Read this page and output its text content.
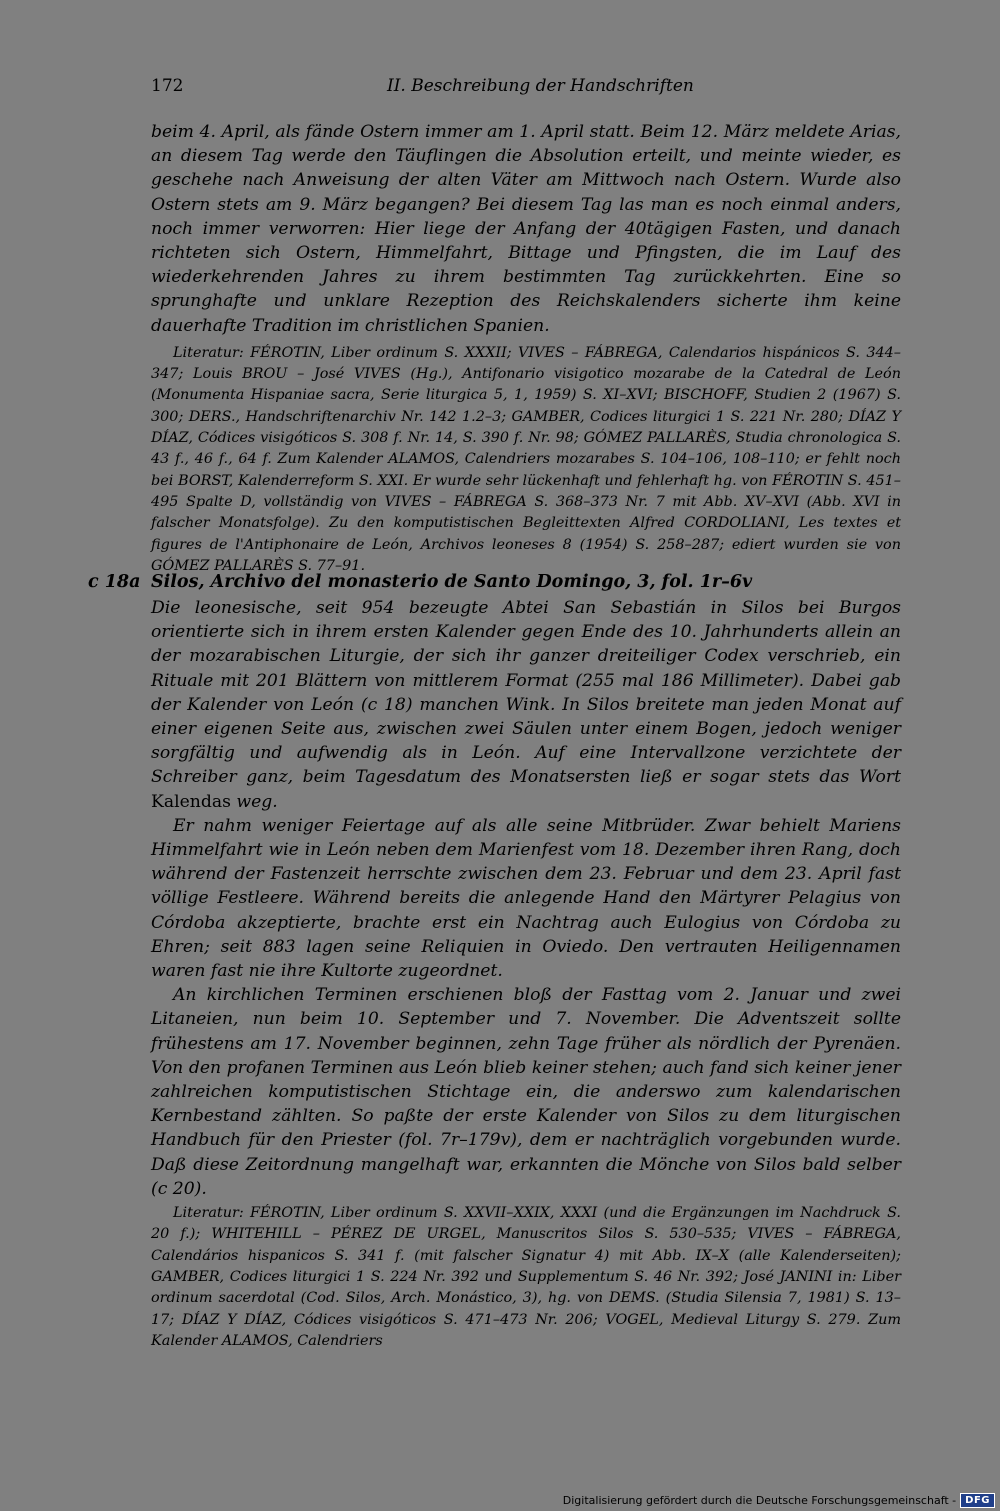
172	II. Beschreibung der Handschriften

beim 4. April, als fände Ostern immer am 1. April statt. Beim 12. März meldete Arias, an diesem Tag werde den Täuflingen die Absolution erteilt, und meinte wieder, es geschehe nach Anweisung der alten Väter am Mittwoch nach Ostern. Wurde also Ostern stets am 9. März begangen? Bei diesem Tag las man es noch einmal anders, noch immer verworren: Hier liege der Anfang der 40tägigen Fasten, und danach richteten sich Ostern, Himmelfahrt, Bittage und Pfingsten, die im Lauf des wiederkehrenden Jahres zu ihrem bestimmten Tag zurückkehrten. Eine so sprunghafte und unklare Rezeption des Reichskalenders sicherte ihm keine dauerhafte Tradition im christlichen Spanien.

Literatur: FÉROTIN, Liber ordinum S. XXXII; VIVES – FÁBREGA, Calendarios hispánicos S. 344–347; Louis BROU – José VIVES (Hg.), Antifonario visigotico mozarabe de la Catedral de León (Monumenta Hispaniae sacra, Serie liturgica 5, 1, 1959) S. XI–XVI; BISCHOFF, Studien 2 (1967) S. 300; DERS., Handschriftenarchiv Nr. 142 1.2–3; GAMBER, Codices liturgici 1 S. 221 Nr. 280; DÍAZ Y DÍAZ, Códices visigóticos S. 308 f. Nr. 14, S. 390 f. Nr. 98; GÓMEZ PALLARÈS, Studia chronologica S. 43 f., 46 f., 64 f. Zum Kalender ALAMOS, Calendriers mozarabes S. 104–106, 108–110; er fehlt noch bei BORST, Kalenderreform S. XXI. Er wurde sehr lückenhaft und fehlerhaft hg. von FÉROTIN S. 451–495 Spalte D, vollständig von VIVES – FÁBREGA S. 368–373 Nr. 7 mit Abb. XV–XVI (Abb. XVI in falscher Monatsfolge). Zu den komputistischen Begleittexten Alfred CORDOLIANI, Les textes et figures de l'Antiphonaire de León, Archivos leoneses 8 (1954) S. 258–287; ediert wurden sie von GÓMEZ PALLARÈS S. 77–91.

c 18a Silos, Archivo del monasterio de Santo Domingo, 3, fol. 1r–6v

Die leonesische, seit 954 bezeugte Abtei San Sebastián in Silos bei Burgos orientierte sich in ihrem ersten Kalender gegen Ende des 10. Jahrhunderts allein an der mozarabischen Liturgie, der sich ihr ganzer dreiteiliger Codex verschrieb, ein Rituale mit 201 Blättern von mittlerem Format (255 mal 186 Millimeter). Dabei gab der Kalender von León (c 18) manchen Wink. In Silos breitete man jeden Monat auf einer eigenen Seite aus, zwischen zwei Säulen unter einem Bogen, jedoch weniger sorgfältig und aufwendig als in León. Auf eine Intervallzone verzichtete der Schreiber ganz, beim Tagesdatum des Monatsersten ließ er sogar stets das Wort Kalendas weg.

Er nahm weniger Feiertage auf als alle seine Mitbrüder. Zwar behielt Mariens Himmelfahrt wie in León neben dem Marienfest vom 18. Dezember ihren Rang, doch während der Fastenzeit herrschte zwischen dem 23. Februar und dem 23. April fast völlige Festleere. Während bereits die anlegende Hand den Märtyrer Pelagius von Córdoba akzeptierte, brachte erst ein Nachtrag auch Eulogius von Córdoba zu Ehren; seit 883 lagen seine Reliquien in Oviedo. Den vertrauten Heiligennamen waren fast nie ihre Kultorte zugeordnet.

An kirchlichen Terminen erschienen bloß der Fasttag vom 2. Januar und zwei Litaneien, nun beim 10. September und 7. November. Die Adventszeit sollte frühestens am 17. November beginnen, zehn Tage früher als nördlich der Pyrenäen. Von den profanen Terminen aus León blieb keiner stehen; auch fand sich keiner jener zahlreichen komputistischen Stichtage ein, die anderswo zum kalendarischen Kernbestand zählten. So paßte der erste Kalender von Silos zu dem liturgischen Handbuch für den Priester (fol. 7r–179v), dem er nachträglich vorgebunden wurde. Daß diese Zeitordnung mangelhaft war, erkannten die Mönche von Silos bald selber (c 20).

Literatur: FÉROTIN, Liber ordinum S. XXVII–XXIX, XXXI (und die Ergänzungen im Nachdruck S. 20 f.); WHITEHILL – PÉREZ DE URGEL, Manuscritos Silos S. 530–535; VIVES – FÁBREGA, Calendários hispanicos S. 341 f. (mit falscher Signatur 4) mit Abb. IX–X (alle Kalenderseiten); GAMBER, Codices liturgici 1 S. 224 Nr. 392 und Supplementum S. 46 Nr. 392; José JANINI in: Liber ordinum sacerdotal (Cod. Silos, Arch. Monástico, 3), hg. von DEMS. (Studia Silensia 7, 1981) S. 13–17; DÍAZ Y DÍAZ, Códices visigóticos S. 471–473 Nr. 206; VOGEL, Medieval Liturgy S. 279. Zum Kalender ALAMOS, Calendriers

Digitalisierung gefördert durch die Deutsche Forschungsgemeinschaft - DFG
